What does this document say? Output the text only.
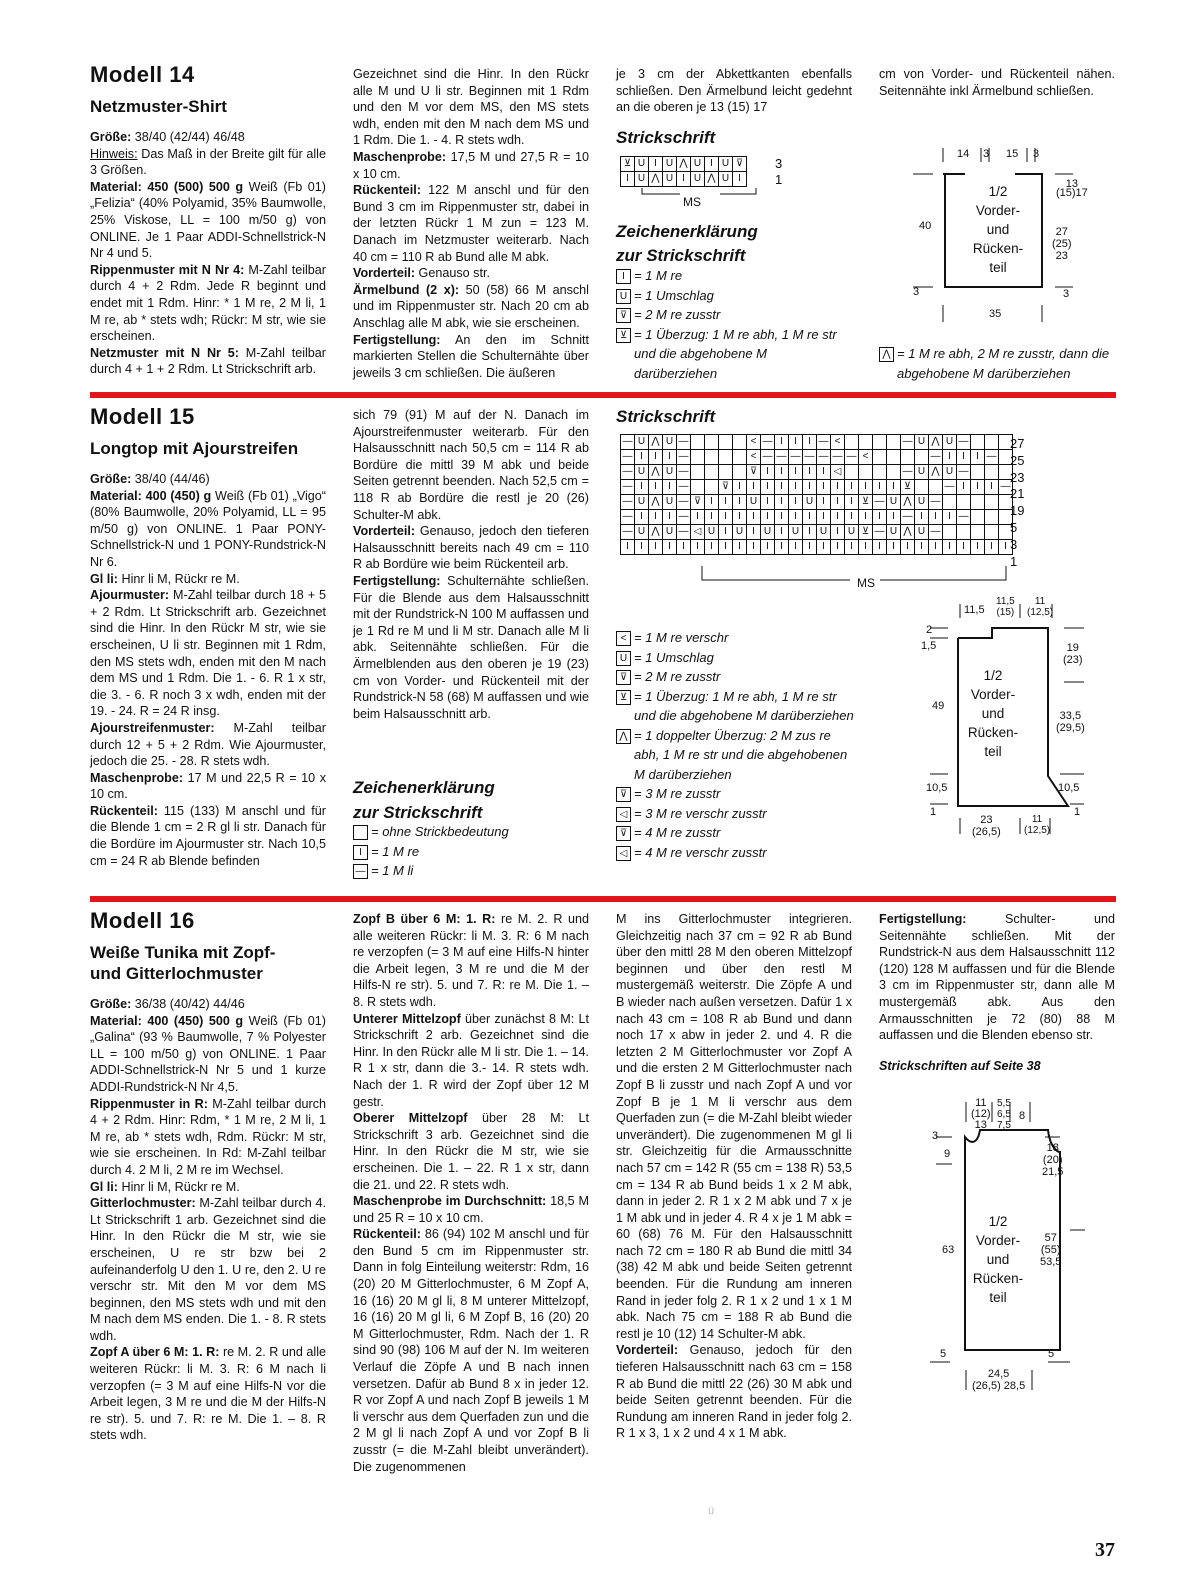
Modell 14
Netzmuster-Shirt

Größe: 38/40 (42/44) 46/48

Hinweis: Das Maß in der Breite gilt für alle 3 Größen.

Material: 450 (500) 500 g Weiß (Fb 01) „Felizia“ (40% Polyamid, 35% Baumwolle, 25% Viskose, LL = 100 m/50 g) von ONLINE. Je 1 Paar ADDI-Schnellstrick-N Nr 4 und 5.

Rippenmuster mit N Nr 4: M-Zahl teilbar durch 4 + 2 Rdm. Jede R beginnt und endet mit 1 Rdm. Hinr: * 1 M re, 2 M li, 1 M re, ab * stets wdh; Rückr: M str, wie sie erscheinen.

Netzmuster mit N Nr 5: M-Zahl teilbar durch 4 + 1 + 2 Rdm. Lt Strickschrift arb.

Gezeichnet sind die Hinr. In den Rückr alle M und U li str. Beginnen mit 1 Rdm und den M vor dem MS, den MS stets wdh, enden mit den M nach dem MS und 1 Rdm. Die 1. - 4. R stets wdh.

Maschenprobe: 17,5 M und 27,5 R = 10 x 10 cm.

Rückenteil: 122 M anschl und für den Bund 3 cm im Rippenmuster str, dabei in der letzten Rückr 1 M zun = 123 M. Danach im Netzmuster weiterarb. Nach 40 cm = 110 R ab Bund alle M abk.

Vorderteil: Genauso str.

Ärmelbund (2 x): 50 (58) 66 M anschl und im Rippenmuster str. Nach 20 cm ab Anschlag alle M abk, wie sie erscheinen.

Fertigstellung: An den im Schnitt markierten Stellen die Schulternähte über jeweils 3 cm schließen. Die äußeren

je 3 cm der Abkettkanten ebenfalls schließen. Den Ärmelbund leicht gedehnt an die oberen je 13 (15) 17

cm von Vorder- und Rückenteil nähen. Seitennähte inkl Ärmelbund schließen.

Strickschrift
⊻	U	I	U	⋀	U	I	U	⊽
I	U	⋀	U	I	U	⋀	U	I
3
1
MS
Zeichenerklärung
zur Strickschrift
I = 1 M re
U = 1 Umschlag
⊽ = 2 M re zusstr
⊻ = 1 Überzug: 1 M re abh, 1 M re str und die abgehobene M darüberziehen
⋀ = 1 M re abh, 2 M re zusstr, dann die abgehobene M darüberziehen
14 3 15 3
40
13
(15)17
27
(25)
23
3	3
35
1/2
Vorder-
und
Rücken-
teil
Modell 15
Longtop mit Ajourstreifen

Größe: 38/40 (44/46)

Material: 400 (450) g Weiß (Fb 01) „Vigo“ (80% Baumwolle, 20% Polyamid, LL = 95 m/50 g) von ONLINE. 1 Paar PONY-Schnellstrick-N und 1 PONY-Rundstrick-N Nr 6.

Gl li: Hinr li M, Rückr re M.

Ajourmuster: M-Zahl teilbar durch 18 + 5 + 2 Rdm. Lt Strickschrift arb. Gezeichnet sind die Hinr. In den Rückr M str, wie sie erscheinen, U li str. Beginnen mit 1 Rdm, den MS stets wdh, enden mit den M nach dem MS und 1 Rdm. Die 1. - 6. R 1 x str, die 3. - 6. R noch 3 x wdh, enden mit der 19. - 24. R = 24 R insg.

Ajourstreifenmuster: M-Zahl teilbar durch 12 + 5 + 2 Rdm. Wie Ajourmuster, jedoch die 25. - 28. R stets wdh.

Maschenprobe: 17 M und 22,5 R = 10 x 10 cm.

Rückenteil: 115 (133) M anschl und für die Blende 1 cm = 2 R gl li str. Danach für die Bordüre im Ajourmuster str. Nach 10,5 cm = 24 R ab Blende befinden

sich 79 (91) M auf der N. Danach im Ajourstreifenmuster weiterarb. Für den Halsausschnitt nach 50,5 cm = 114 R ab Bordüre die mittl 39 M abk und beide Seiten getrennt beenden. Nach 52,5 cm = 118 R ab Bordüre die restl je 20 (26) Schulter-M abk.

Vorderteil: Genauso, jedoch den tieferen Halsausschnitt bereits nach 49 cm = 110 R ab Bordüre wie beim Rückenteil arb.

Fertigstellung: Schulternähte schließen. Für die Blende aus dem Halsausschnitt mit der Rundstrick-N 100 M auffassen und je 1 Rd re M und li M str. Danach alle M li abk. Seitennähte schließen. Für die Ärmelblenden aus den oberen je 19 (23) cm von Vorder- und Rückenteil mit der Rundstrick-N 58 (68) M auffassen und wie beim Halsausschnitt arb.

Zeichenerklärung
zur Strickschrift
= ohne Strickbedeutung
I = 1 M re
— = 1 M li
Strickschrift
—	U	⋀	U	—					<	—	I	I	I	—	<					—	U	⋀	U	—			
—	I	I	I	—					<	—	—	—	—	—	—	—	<					—	I	I	I	—	
—	U	⋀	U	—					⊽	I	I	I	I	I	◁					—	U	⋀	U	—			
—	I	I	I	—			⊽	I	I	I	I	I	I	I	I	I	I	I	I	⊻			—	I	I	I	—
—	U	⋀	U	—	⊽	I	I	I	U	I	I	I	U	I	I	I	⊻	—	U	⋀	U	—					
—	I	I	I	—	I	I	I	I	I	I	I	I	I	I	I	I	I	I	I	—	I	I	I	—			
—	U	⋀	U	—	◁	U	I	U	I	U	I	U	I	U	I	U	⊻	—	U	⋀	U	—					
I	I	I	I	I	I	I	I	I	I	I	I	I	I	I	I	I	I	I	I	I	I	I	I	I	I	I	I
27
25
23
21
19
5
3
1
MS
< = 1 M re verschr
U = 1 Umschlag
⊽ = 2 M re zusstr
⊻ = 1 Überzug: 1 M re abh, 1 M re str und die abgehobene M darüberziehen
⋀ = 1 doppelter Überzug: 2 M zus re abh, 1 M re str und die abgehobenen M darüberziehen
⊽ = 3 M re zusstr
◁ = 3 M re verschr zusstr
⊽ = 4 M re zusstr
◁ = 4 M re verschr zusstr
11,5
11,5
(15)
11
(12,5)
2
1,5
49
19
(23)
33,5
(29,5)
10,5	10,5
1	1
23
(26,5)
11
(12,5)
1/2
Vorder-
und
Rücken-
teil
Modell 16
Weiße Tunika mit Zopf-
und Gitterlochmuster

Größe: 36/38 (40/42) 44/46

Material: 400 (450) 500 g Weiß (Fb 01) „Galina“ (93 % Baumwolle, 7 % Polyester LL = 100 m/50 g) von ONLINE. 1 Paar ADDI-Schnellstrick-N Nr 5 und 1 kurze ADDI-Rundstrick-N Nr 4,5.

Rippenmuster in R: M-Zahl teilbar durch 4 + 2 Rdm. Hinr: Rdm, * 1 M re, 2 M li, 1 M re, ab * stets wdh, Rdm. Rückr: M str, wie sie erscheinen. In Rd: M-Zahl teilbar durch 4. 2 M li, 2 M re im Wechsel.

Gl li: Hinr li M, Rückr re M.

Gitterlochmuster: M-Zahl teilbar durch 4. Lt Strickschrift 1 arb. Gezeichnet sind die Hinr. In den Rückr die M str, wie sie erscheinen, U re str bzw bei 2 aufeinanderfolg U den 1. U re, den 2. U re verschr str. Mit den M vor dem MS beginnen, den MS stets wdh und mit den M nach dem MS enden. Die 1. - 8. R stets wdh.

Zopf A über 6 M: 1. R: re M. 2. R und alle weiteren Rückr: li M. 3. R: 6 M nach li verzopfen (= 3 M auf eine Hilfs-N vor die Arbeit legen, 3 M re und die M der Hilfs-N re str). 5. und 7. R: re M. Die 1. – 8. R stets wdh.

Zopf B über 6 M: 1. R: re M. 2. R und alle weiteren Rückr: li M. 3. R: 6 M nach re verzopfen (= 3 M auf eine Hilfs-N hinter die Arbeit legen, 3 M re und die M der Hilfs-N re str). 5. und 7. R: re M. Die 1. – 8. R stets wdh.

Unterer Mittelzopf über zunächst 8 M: Lt Strickschrift 2 arb. Gezeichnet sind die Hinr. In den Rückr alle M li str. Die 1. – 14. R 1 x str, dann die 3.- 14. R stets wdh. Nach der 1. R wird der Zopf über 12 M gestr.

Oberer Mittelzopf über 28 M: Lt Strickschrift 3 arb. Gezeichnet sind die Hinr. In den Rückr die M str, wie sie erscheinen. Die 1. – 22. R 1 x str, dann die 21. und 22. R stets wdh.

Maschenprobe im Durchschnitt: 18,5 M und 25 R = 10 x 10 cm.

Rückenteil: 86 (94) 102 M anschl und für den Bund 5 cm im Rippenmuster str. Dann in folg Einteilung weiterstr: Rdm, 16 (20) 20 M Gitterlochmuster, 6 M Zopf A, 16 (16) 20 M gl li, 8 M unterer Mittelzopf, 16 (16) 20 M gl li, 6 M Zopf B, 16 (20) 20 M Gitterlochmuster, Rdm. Nach der 1. R sind 90 (98) 106 M auf der N. Im weiteren Verlauf die Zöpfe A und B nach innen versetzen. Dafür ab Bund 8 x in jeder 12. R vor Zopf A und nach Zopf B jeweils 1 M li verschr aus dem Querfaden zun und die 2 M gl li nach Zopf A und vor Zopf B li zusstr (= die M-Zahl bleibt unverändert). Die zugenommenen

M ins Gitterlochmuster integrieren. Gleichzeitig nach 37 cm = 92 R ab Bund über den mittl 28 M den oberen Mittelzopf beginnen und über den restl M mustergemäß weiterstr. Die Zöpfe A und B wieder nach außen versetzen. Dafür 1 x nach 43 cm = 108 R ab Bund und dann noch 17 x abw in jeder 2. und 4. R die letzten 2 M Gitterlochmuster vor Zopf A und die ersten 2 M Gitterlochmuster nach Zopf B li zusstr und nach Zopf A und vor Zopf B je 1 M li verschr aus dem Querfaden zun (= die M-Zahl bleibt wieder unverändert). Die zugenommenen M gl li str. Gleichzeitig für die Armausschnitte nach 57 cm = 142 R (55 cm = 138 R) 53,5 cm = 134 R ab Bund beids 1 x 2 M abk, dann in jeder 2. R 1 x 2 M abk und 7 x je 1 M abk und in jeder 4. R 4 x je 1 M abk = 60 (68) 76 M. Für den Halsausschnitt nach 72 cm = 180 R ab Bund die mittl 34 (38) 42 M abk und beide Seiten getrennt beenden. Für die Rundung am inneren Rand in jeder folg 2. R 1 x 2 und 1 x 1 M abk. Nach 75 cm = 188 R ab Bund die restl je 10 (12) 14 Schulter-M abk.

Vorderteil: Genauso, jedoch für den tieferen Halsausschnitt nach 63 cm = 158 R ab Bund die mittl 22 (26) 30 M abk und beide Seiten getrennt beenden. Für die Rundung am inneren Rand in jeder folg 2. R 1 x 3, 1 x 2 und 4 x 1 M abk.

Fertigstellung: Schulter- und Seitennähte schließen. Mit der Rundstrick-N aus dem Halsausschnitt 112 (120) 128 M auffassen und für die Blende 3 cm im Rippenmuster str, dann alle M mustergemäß abk. Aus den Armausschnitten je 72 (80) 88 M auffassen und die Blenden ebenso str.

Strickschriften auf Seite 38

11
(12)
13
5,5
6,5
7,5
8
3
9	18
(20)
21,5
63
57
(55)
53,5
5	5
24,5
(26,5) 28,5
1/2
Vorder-
und
Rücken-
teil
ü
37
